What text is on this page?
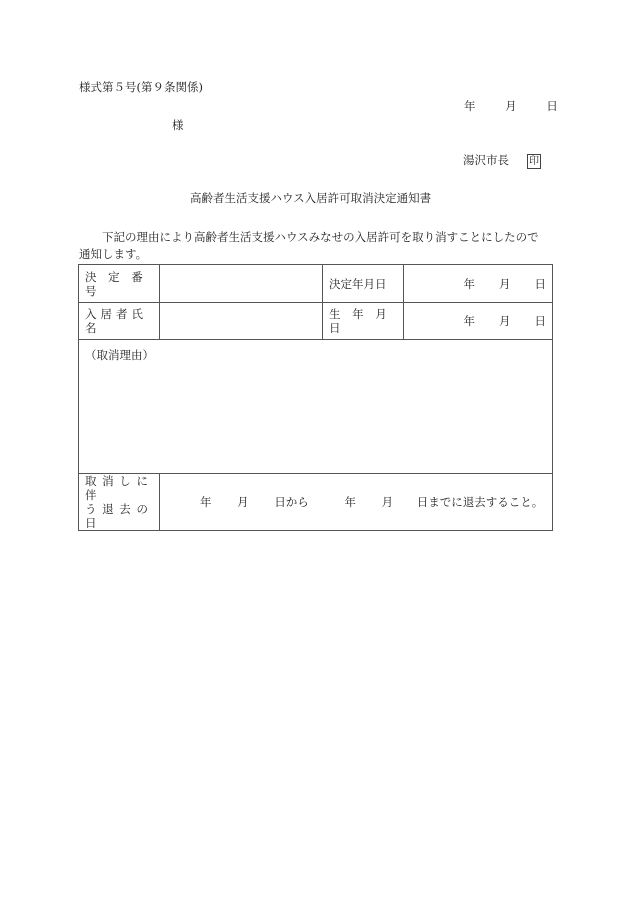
様式第５号(第９条関係)
年	月	日
様
湯沢市長 印
高齢者生活支援ハウス入居許可取消決定通知書
下記の理由により高齢者生活支援ハウスみなせの入居許可を取り消すことにしたので
通知します。
決 定 番 号		決定年月日	年 月 日
入居者氏名		生 年 月 日	年 月 日
（取消理由）			

取 消 し に 伴
う 退 去 の 日	年 月 日から 年 月 日までに退去すること。		
